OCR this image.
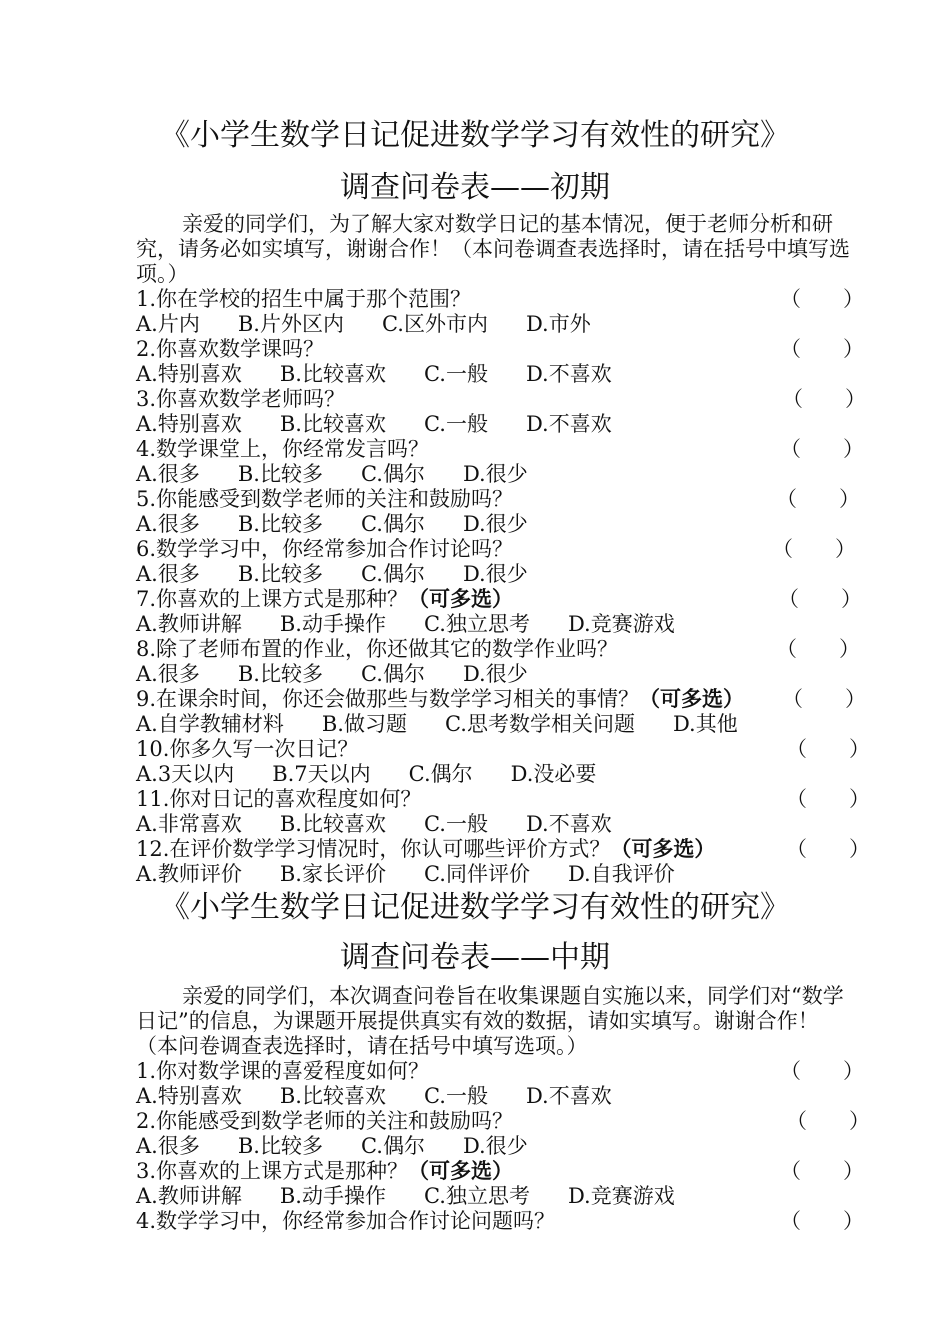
《小学生数学日记促进数学学习有效性的研究》
调查问卷表——初期
亲爱的同学们，为了解大家对数学日记的基本情况，便于老师分析和研究，请务必如实填写，谢谢合作！（本问卷调查表选择时，请在括号中填写选项。）
1.你在学校的招生中属于那个范围？	（ ）
A.片内 B.片外区内 C.区外市内 D.市外
2.你喜欢数学课吗？	（ ）
A.特别喜欢 B.比较喜欢 C.一般 D.不喜欢
3.你喜欢数学老师吗？	（ ）
A.特别喜欢 B.比较喜欢 C.一般 D.不喜欢
4.数学课堂上，你经常发言吗？	（ ）
A.很多 B.比较多 C.偶尔 D.很少
5.你能感受到数学老师的关注和鼓励吗？	（ ）
A.很多 B.比较多 C.偶尔 D.很少
6.数学学习中，你经常参加合作讨论吗？	（ ）
A.很多 B.比较多 C.偶尔 D.很少
7.你喜欢的上课方式是那种？（可多选）	（ ）
A.教师讲解 B.动手操作 C.独立思考 D.竞赛游戏
8.除了老师布置的作业，你还做其它的数学作业吗？	（ ）
A.很多 B.比较多 C.偶尔 D.很少
9.在课余时间，你还会做那些与数学学习相关的事情？（可多选） （ ）
A.自学教辅材料 B.做习题 C.思考数学相关问题 D.其他
10.你多久写一次日记？	（ ）
A.3天以内 B.7天以内 C.偶尔 D.没必要
11.你对日记的喜欢程度如何？	（ ）
A.非常喜欢 B.比较喜欢 C.一般 D.不喜欢
12.在评价数学学习情况时，你认可哪些评价方式？（可多选）	（ ）
A.教师评价 B.家长评价 C.同伴评价 D.自我评价
《小学生数学日记促进数学学习有效性的研究》
调查问卷表——中期
亲爱的同学们，本次调查问卷旨在收集课题自实施以来，同学们对“数学日记”的信息，为课题开展提供真实有效的数据，请如实填写。谢谢合作！（本问卷调查表选择时，请在括号中填写选项。）
1.你对数学课的喜爱程度如何？	（ ）
A.特别喜欢 B.比较喜欢 C.一般 D.不喜欢
2.你能感受到数学老师的关注和鼓励吗？	（ ）
A.很多 B.比较多 C.偶尔 D.很少
3.你喜欢的上课方式是那种？（可多选）	（ ）
A.教师讲解 B.动手操作 C.独立思考 D.竞赛游戏
4.数学学习中，你经常参加合作讨论问题吗？	（ ）
